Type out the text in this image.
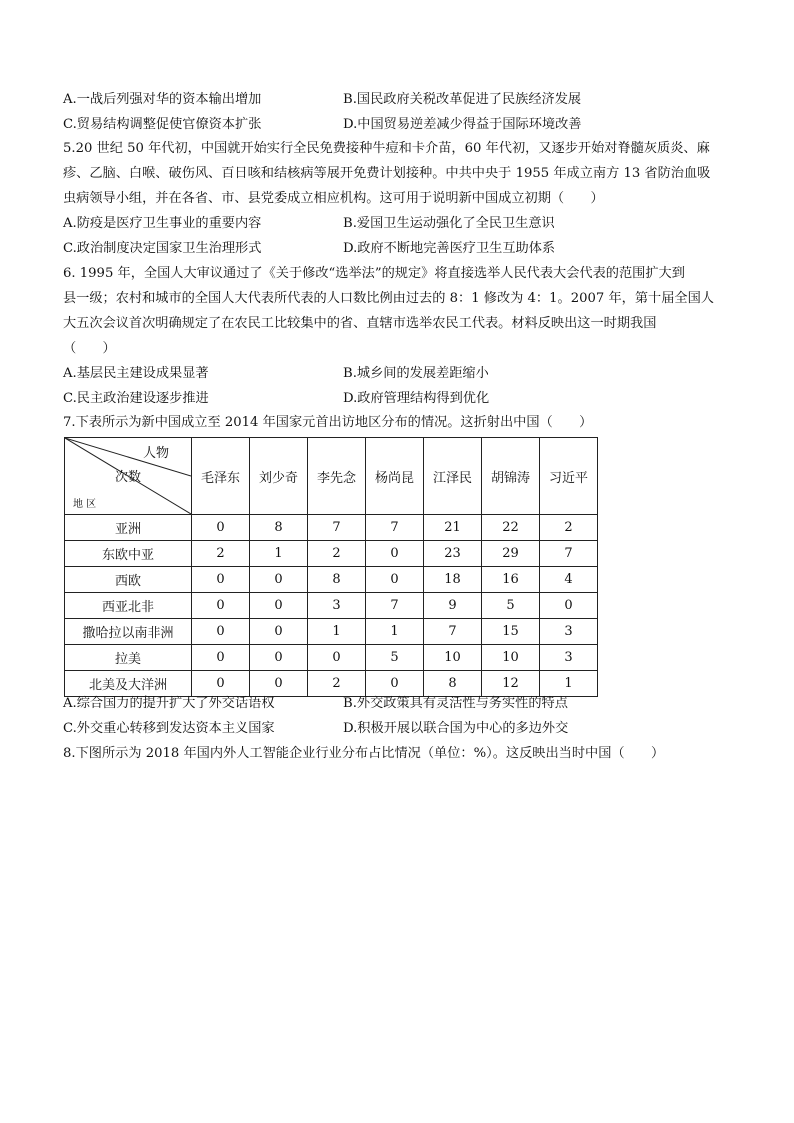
A.一战后列强对华的资本输出增加	B.国民政府关税改革促进了民族经济发展
C.贸易结构调整促使官僚资本扩张	D.中国贸易逆差减少得益于国际环境改善
5.20 世纪 50 年代初，中国就开始实行全民免费接种牛痘和卡介苗，60 年代初，又逐步开始对脊髓灰质炎、麻
疹、乙脑、白喉、破伤风、百日咳和结核病等展开免费计划接种。中共中央于 1955 年成立南方 13 省防治血吸
虫病领导小组，并在各省、市、县党委成立相应机构。这可用于说明新中国成立初期（　　）
A.防疫是医疗卫生事业的重要内容	B.爱国卫生运动强化了全民卫生意识
C.政治制度决定国家卫生治理形式	D.政府不断地完善医疗卫生互助体系
6. 1995 年，全国人大审议通过了《关于修改“选举法”的规定》将直接选举人民代表大会代表的范围扩大到
县一级；农村和城市的全国人大代表所代表的人口数比例由过去的 8：1 修改为 4：1。2007 年，第十届全国人
大五次会议首次明确规定了在农民工比较集中的省、直辖市选举农民工代表。材料反映出这一时期我国
（　　）
A.基层民主建设成果显著	B.城乡间的发展差距缩小
C.民主政治建设逐步推进	D.政府管理结构得到优化
7.下表所示为新中国成立至 2014 年国家元首出访地区分布的情况。这折射出中国（　　）
人物
次数
地 区	毛泽东	刘少奇	李先念	杨尚昆	江泽民	胡锦涛	习近平
亚洲	0	8	7	7	21	22	2
东欧中亚	2	1	2	0	23	29	7
西欧	0	0	8	0	18	16	4
西亚北非	0	0	3	7	9	5	0
撒哈拉以南非洲	0	0	1	1	7	15	3
拉美	0	0	0	5	10	10	3
北美及大洋洲	0	0	2	0	8	12	1
A.综合国力的提升扩大了外交话语权	B.外交政策具有灵活性与务实性的特点
C.外交重心转移到发达资本主义国家	D.积极开展以联合国为中心的多边外交
8.下图所示为 2018 年国内外人工智能企业行业分布占比情况（单位：%）。这反映出当时中国（　　）
